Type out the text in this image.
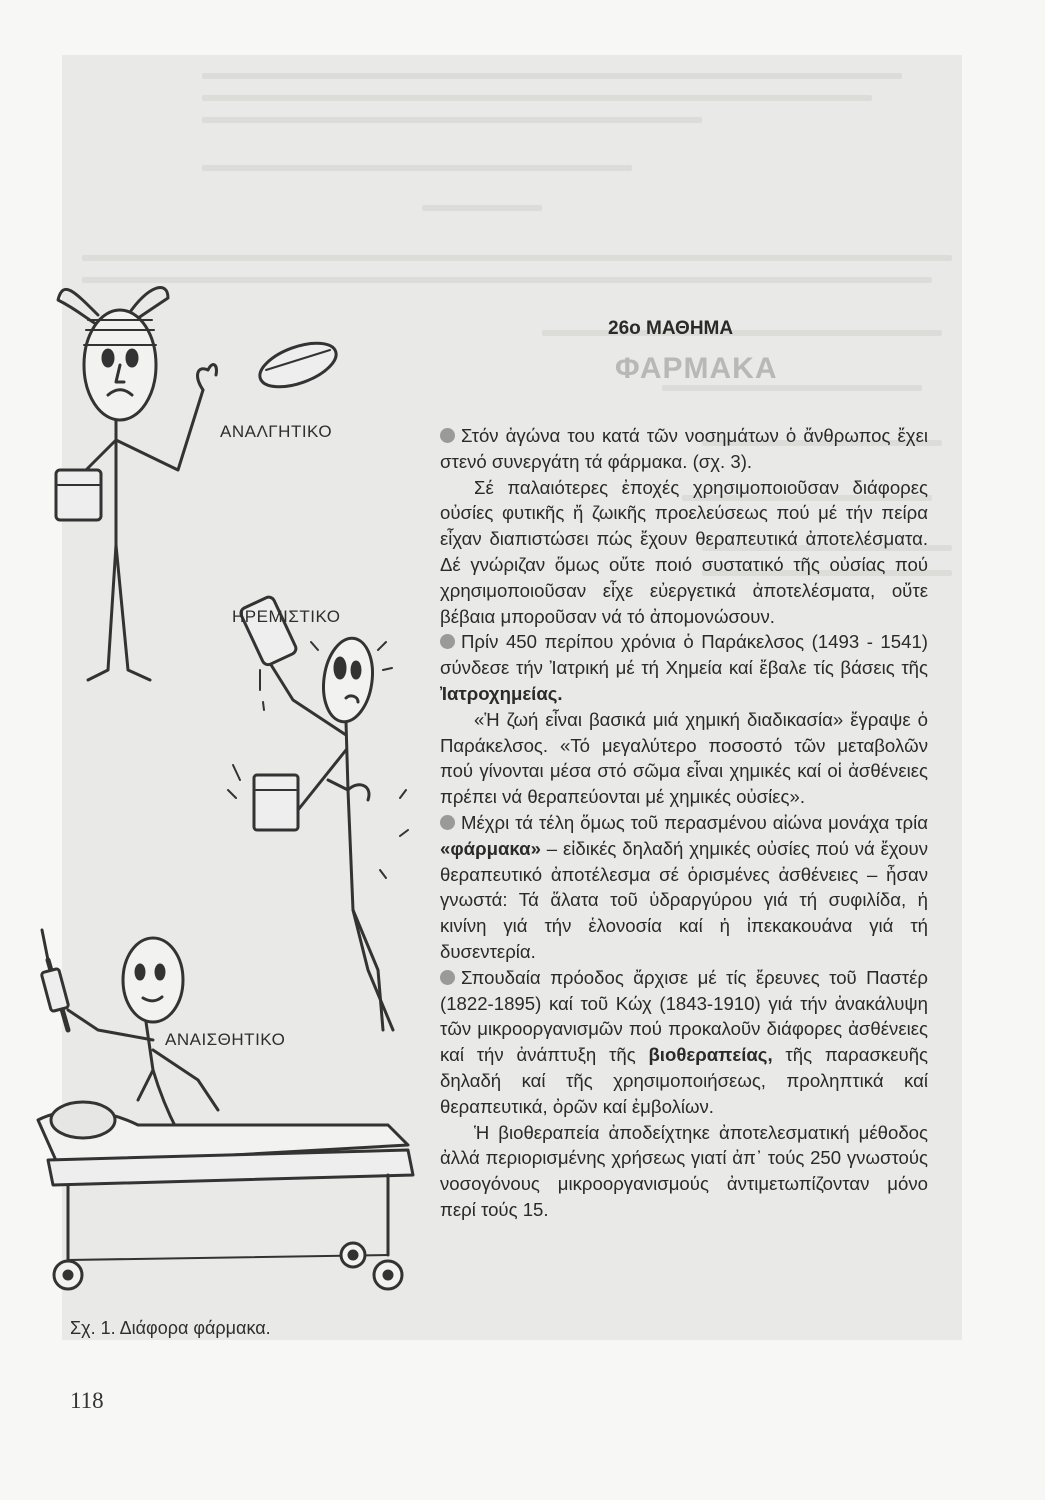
ΑΝΑΛΓΗΤΙΚΟ
ΗΡΕΜΙΣΤΙΚΟ
ΑΝΑΙΣΘΗΤΙΚΟ
Σχ. 1. Διάφορα φάρμακα.
118
26ο ΜΑΘΗΜΑ
ΦΑΡΜΑΚΑ

Στόν ἀγώνα του κατά τῶν νοσημάτων ὁ ἄνθρωπος ἔχει στενό συνεργάτη τά φάρμακα. (σχ. 3).

Σέ παλαιότερες ἐποχές χρησιμοποιοῦσαν διάφορες οὐσίες φυτικῆς ἤ ζωικῆς προελεύσεως πού μέ τήν πείρα εἶχαν διαπιστώσει πώς ἔχουν θεραπευτικά ἀποτελέσματα. Δέ γνώριζαν ὅμως οὔτε ποιό συστατικό τῆς οὐσίας πού χρησιμοποιοῦσαν εἶχε εὐεργετικά ἀποτελέσματα, οὔτε βέβαια μποροῦσαν νά τό ἀπομονώσουν.

Πρίν 450 περίπου χρόνια ὁ Παράκελσος (1493 - 1541) σύνδεσε τήν Ἰατρική μέ τή Χημεία καί ἔβαλε τίς βάσεις τῆς Ἰατροχημείας.

«Ἡ ζωή εἶναι βασικά μιά χημική διαδικασία» ἔγραψε ὁ Παράκελσος. «Τό μεγαλύτερο ποσοστό τῶν μεταβολῶν πού γίνονται μέσα στό σῶμα εἶναι χημικές καί οἱ ἀσθένειες πρέπει νά θεραπεύονται μέ χημικές οὐσίες».

Μέχρι τά τέλη ὅμως τοῦ περασμένου αἰώνα μονάχα τρία «φάρμακα» – εἰδικές δηλαδή χημικές οὐσίες πού νά ἔχουν θεραπευτικό ἀποτέλεσμα σέ ὁρισμένες ἀσθένειες – ἦσαν γνωστά: Τά ἅλατα τοῦ ὑδραργύρου γιά τή συφιλίδα, ἡ κινίνη γιά τήν ἑλονοσία καί ἡ ἰπεκακουάνα γιά τή δυσεντερία.

Σπουδαία πρόοδος ἄρχισε μέ τίς ἔρευνες τοῦ Παστέρ (1822-1895) καί τοῦ Κώχ (1843-1910) γιά τήν ἀνακάλυψη τῶν μικροοργανισμῶν πού προκαλοῦν διάφορες ἀσθένειες καί τήν ἀνάπτυξη τῆς βιοθεραπείας, τῆς παρασκευῆς δηλαδή καί τῆς χρησιμοποιήσεως, προληπτικά καί θεραπευτικά, ὀρῶν καί ἐμβολίων.

Ἡ βιοθεραπεία ἀποδείχτηκε ἀποτελεσματική μέθοδος ἀλλά περιορισμένης χρήσεως γιατί ἀπ᾽ τούς 250 γνωστούς νοσογόνους μικροοργανισμούς ἀντιμετωπίζονταν μόνο περί τούς 15.
